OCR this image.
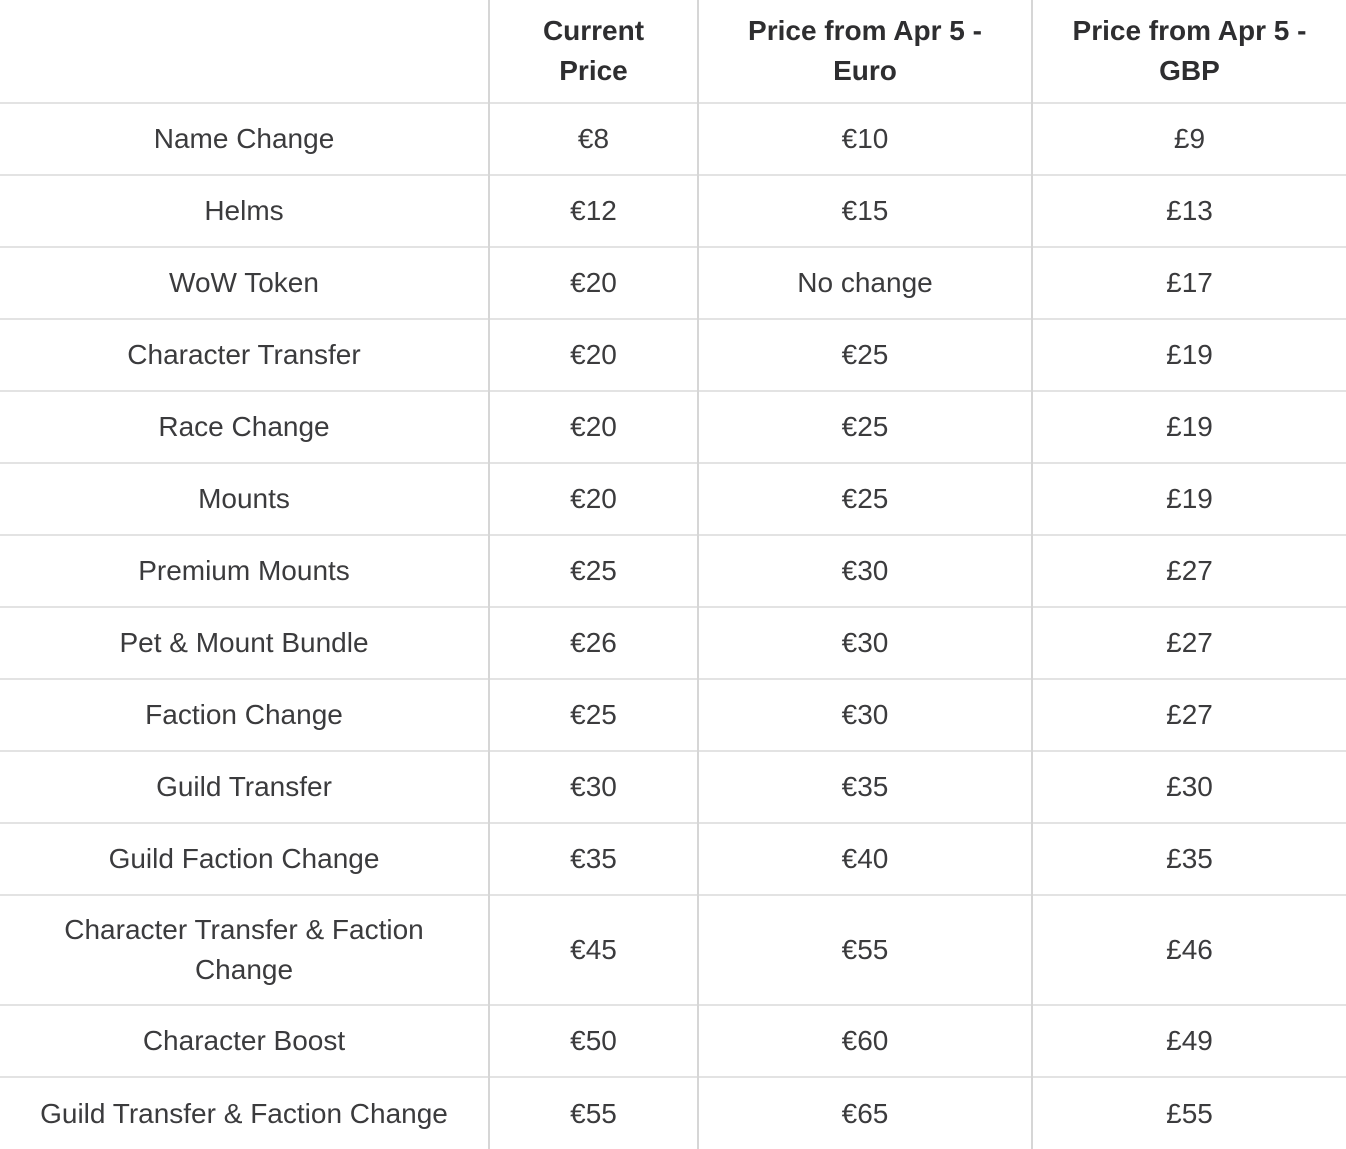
	Current Price	Price from Apr 5 - Euro	Price from Apr 5 - GBP
Name Change	€8	€10	£9
Helms	€12	€15	£13
WoW Token	€20	No change	£17
Character Transfer	€20	€25	£19
Race Change	€20	€25	£19
Mounts	€20	€25	£19
Premium Mounts	€25	€30	£27
Pet & Mount Bundle	€26	€30	£27
Faction Change	€25	€30	£27
Guild Transfer	€30	€35	£30
Guild Faction Change	€35	€40	£35
Character Transfer & Faction Change	€45	€55	£46
Character Boost	€50	€60	£49
Guild Transfer & Faction Change	€55	€65	£55
